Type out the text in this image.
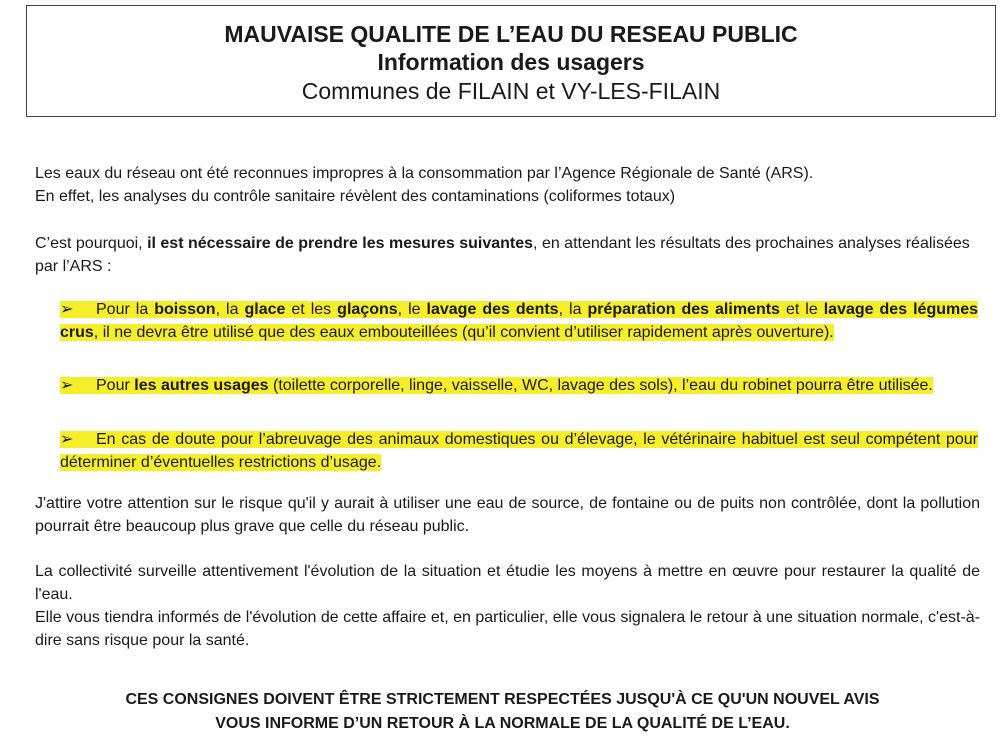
MAUVAISE QUALITE DE L’EAU DU RESEAU PUBLIC
Information des usagers
Communes de FILAIN et VY-LES-FILAIN

Les eaux du réseau ont été reconnues impropres à la consommation par l’Agence Régionale de Santé (ARS).

En effet, les analyses du contrôle sanitaire révèlent des contaminations (coliformes totaux)

C’est pourquoi, il est nécessaire de prendre les mesures suivantes, en attendant les résultats des prochaines analyses réalisées par l’ARS :

➢ Pour la boisson, la glace et les glaçons, le lavage des dents, la préparation des aliments et le lavage des légumes crus, il ne devra être utilisé que des eaux embouteillées (qu’il convient d’utiliser rapidement après ouverture).
➢ Pour les autres usages (toilette corporelle, linge, vaisselle, WC, lavage des sols), l’eau du robinet pourra être utilisée.
➢ En cas de doute pour l’abreuvage des animaux domestiques ou d’élevage, le vétérinaire habituel est seul compétent pour déterminer d’éventuelles restrictions d’usage.

J'attire votre attention sur le risque qu'il y aurait à utiliser une eau de source, de fontaine ou de puits non contrôlée, dont la pollution pourrait être beaucoup plus grave que celle du réseau public.

La collectivité surveille attentivement l'évolution de la situation et étudie les moyens à mettre en œuvre pour restaurer la qualité de l'eau.

Elle vous tiendra informés de l'évolution de cette affaire et, en particulier, elle vous signalera le retour à une situation normale, c'est-à-dire sans risque pour la santé.

CES CONSIGNES DOIVENT ÊTRE STRICTEMENT RESPECTÉES JUSQU'À CE QU'UN NOUVEL AVIS
VOUS INFORME D’UN RETOUR À LA NORMALE DE LA QUALITÉ DE L’EAU.
